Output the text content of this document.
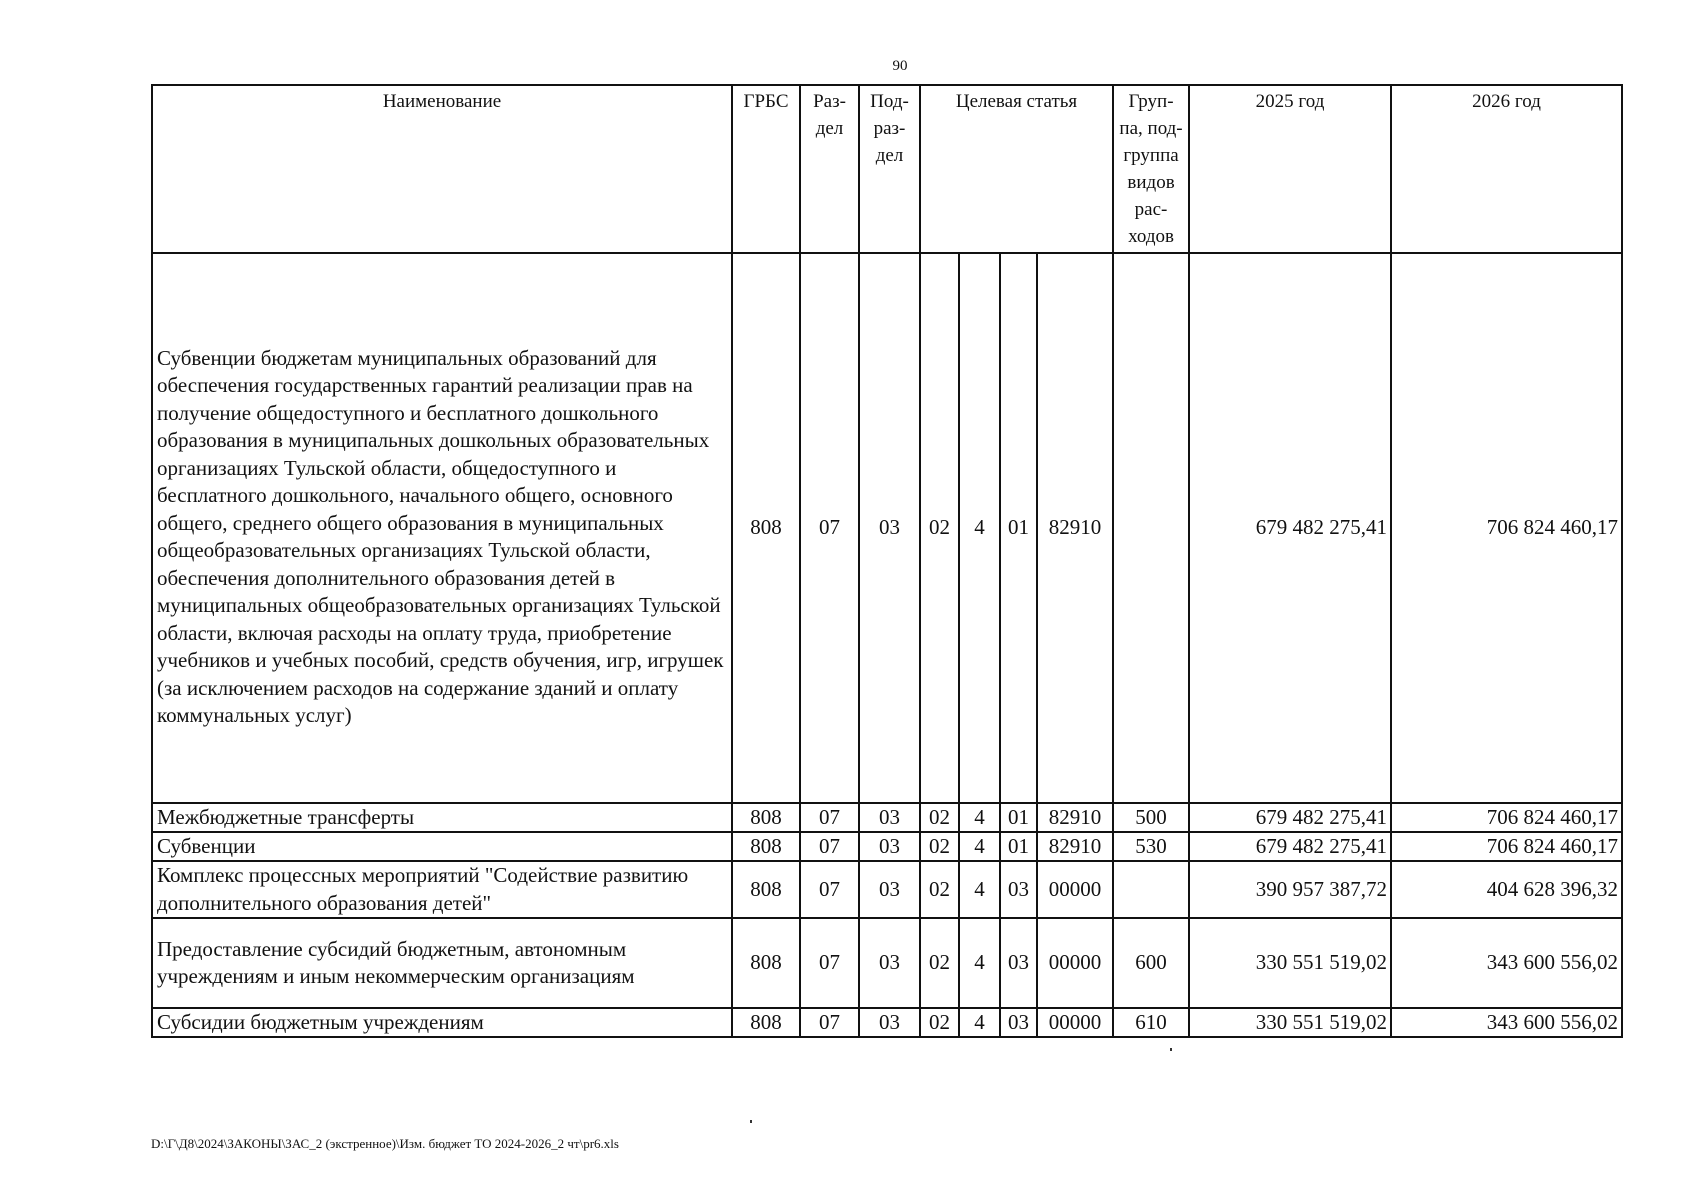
90
Наименование	ГРБС	Раз-дел	Под-раз-дел	Целевая статья				Груп-па, под-группа видов рас-ходов	2025 год	2026 год
Субвенции бюджетам муниципальных образований для обеспечения государственных гарантий реализации прав на получение общедоступного и бесплатного дошкольного образования в муниципальных дошкольных образовательных организациях Тульской области, общедоступного и бесплатного дошкольного, начального общего, основного общего, среднего общего образования в муниципальных общеобразовательных организациях Тульской области, обеспечения дополнительного образования детей в муниципальных общеобразовательных организациях Тульской области, включая расходы на оплату труда, приобретение учебников и учебных пособий, средств обучения, игр, игрушек (за исключением расходов на содержание зданий и оплату коммунальных услуг)	808	07	03	02	4	01	82910		679 482 275,41	706 824 460,17
Межбюджетные трансферты	808	07	03	02	4	01	82910	500	679 482 275,41	706 824 460,17
Субвенции	808	07	03	02	4	01	82910	530	679 482 275,41	706 824 460,17
Комплекс процессных мероприятий "Содействие развитию дополнительного образования детей"	808	07	03	02	4	03	00000		390 957 387,72	404 628 396,32
Предоставление субсидий бюджетным, автономным учреждениям и иным некоммерческим организациям	808	07	03	02	4	03	00000	600	330 551 519,02	343 600 556,02
Субсидии бюджетным учреждениям	808	07	03	02	4	03	00000	610	330 551 519,02	343 600 556,02
D:\Г\Д8\2024\ЗАКОНЫ\ЗАС_2 (экстренное)\Изм. бюджет ТО 2024-2026_2 чт\pr6.xls
